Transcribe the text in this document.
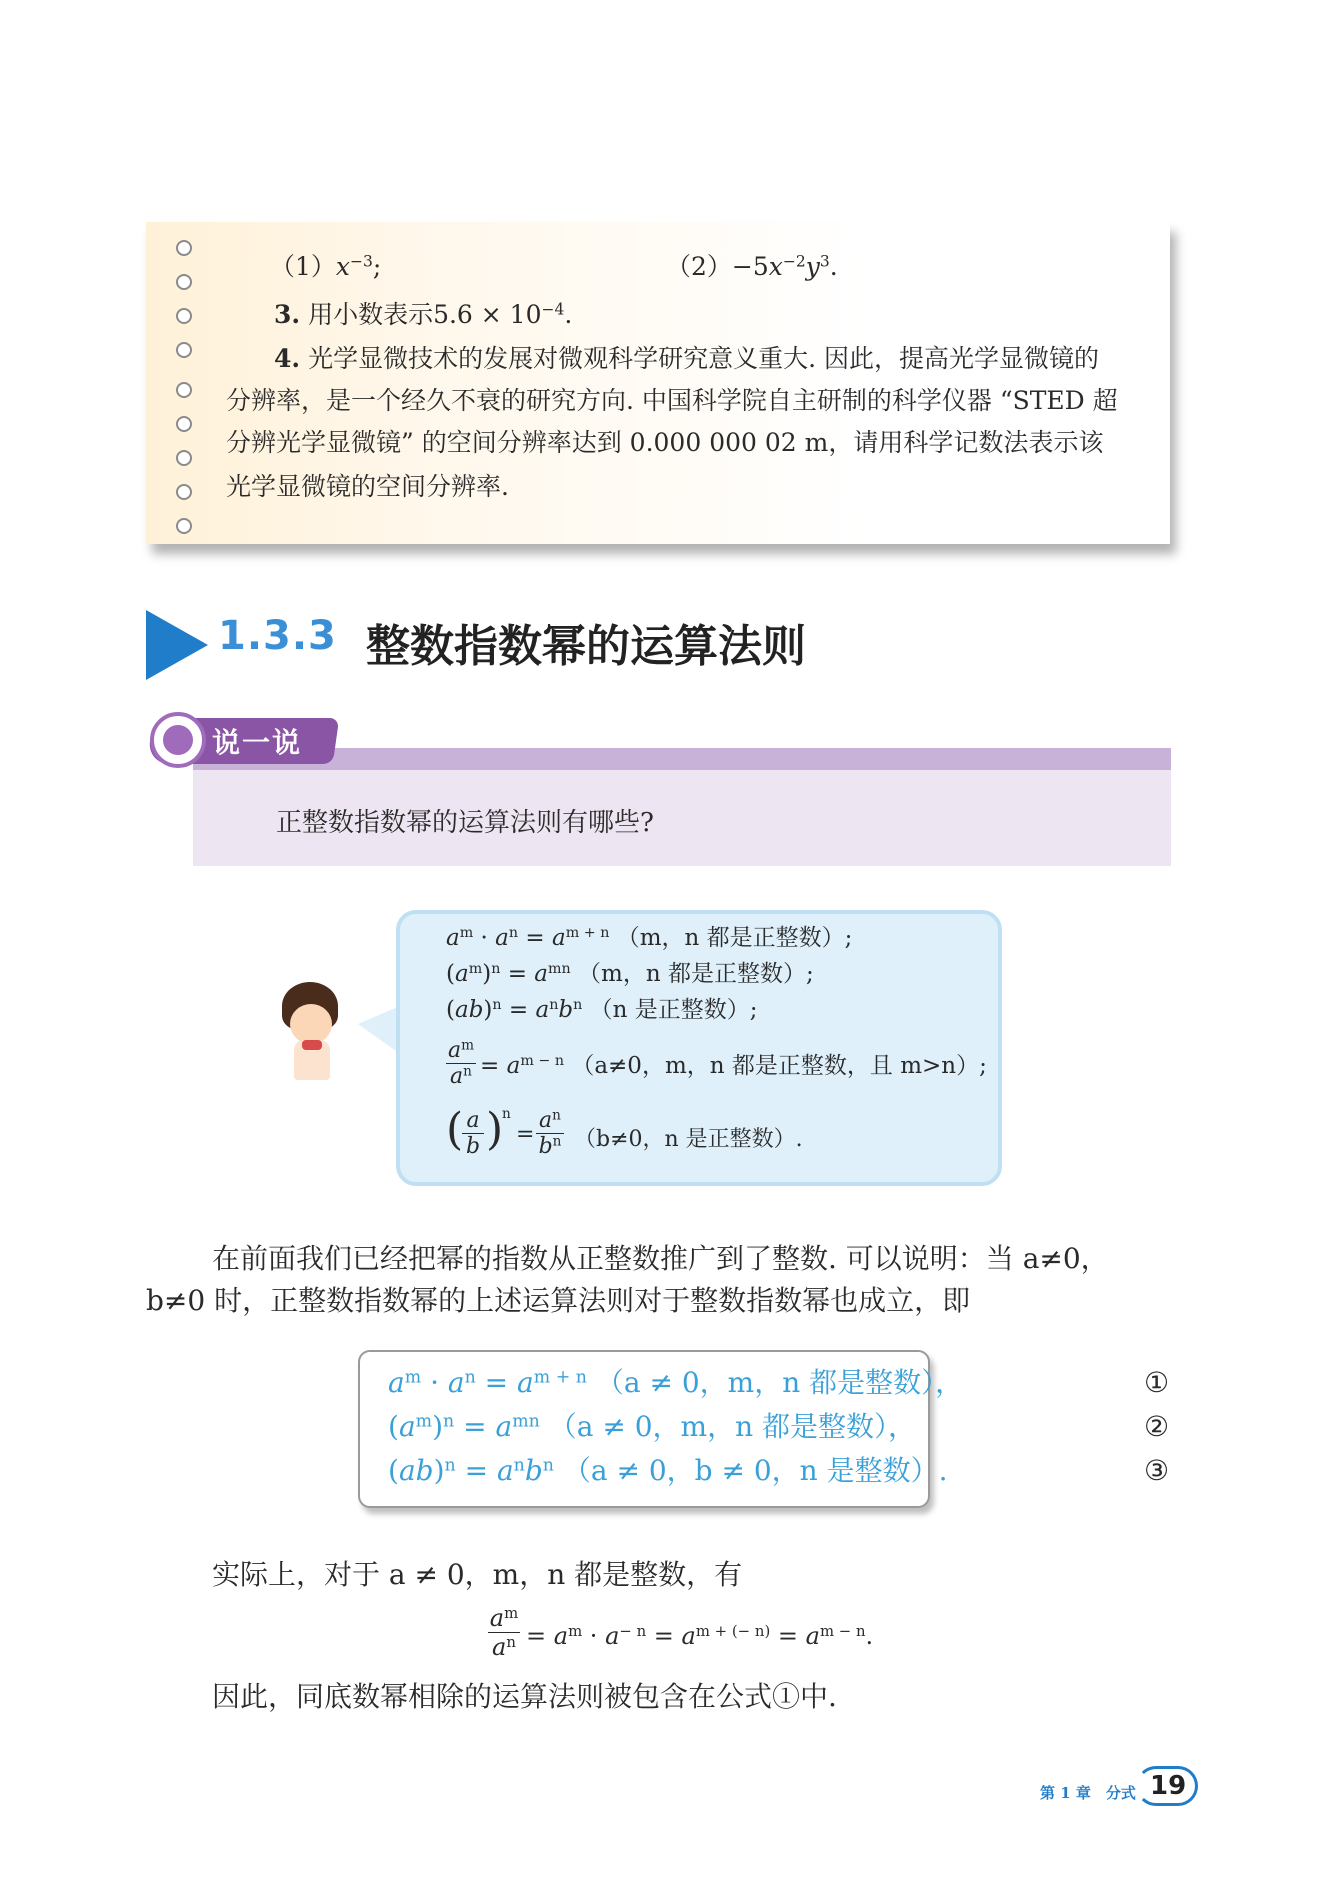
$(1)x^{-3}$;	$(2)-5x^{-2}y^3$.
3. 用小数表示$5.6 \times 10^{-4}$.
4. 光学显微技术的发展对微观科学研究意义重大. 因此，提高光学显微镜的
分辨率，是一个经久不衰的研究方向. 中国科学院自主研制的科学仪器 “STED 超
分辨光学显微镜” 的空间分辨率达到 0.000 000 02 m，请用科学记数法表示该
光学显微镜的空间分辨率.
1.3.3 整数指数幂的运算法则
说一说
正整数指数幂的运算法则有哪些?
$a^m \cdot a^n = a^{m + n}$ （m，n 都是正整数）;
$(a^m)^n = a^{mn}$ （m，n 都是正整数）;
$(ab)^n = a^nb^n$ （n 是正整数）;
$a^m$
$a^n = a^{m - n}$ （a≠0，m，n 都是正整数，且 m>n）;
( a
b ) =
$a^n$
$b^n$ （b≠0，n 是正整数）.
在前面我们已经把幂的指数从正整数推广到了整数. 可以说明：当 a≠0，
b≠0 时，正整数指数幂的上述运算法则对于整数指数幂也成立，即
$a^m \cdot a^n = a^{m + n}$ （a ≠ 0，m，n 都是整数），
$(a^m)^n = a^{mn}$ （a ≠ 0，m，n 都是整数），
$(ab)^n = a^nb^n$ （a ≠ 0，b ≠ 0，n 是整数）.
①
②
③
实际上，对于 a ≠ 0，m，n 都是整数，有
$a^m$
$a^n = a^m \cdot a^{- n} = a^{m + (- n)} = a^{m - n}$.
因此，同底数幂相除的运算法则被包含在公式①中.
第 1 章　分式 19
